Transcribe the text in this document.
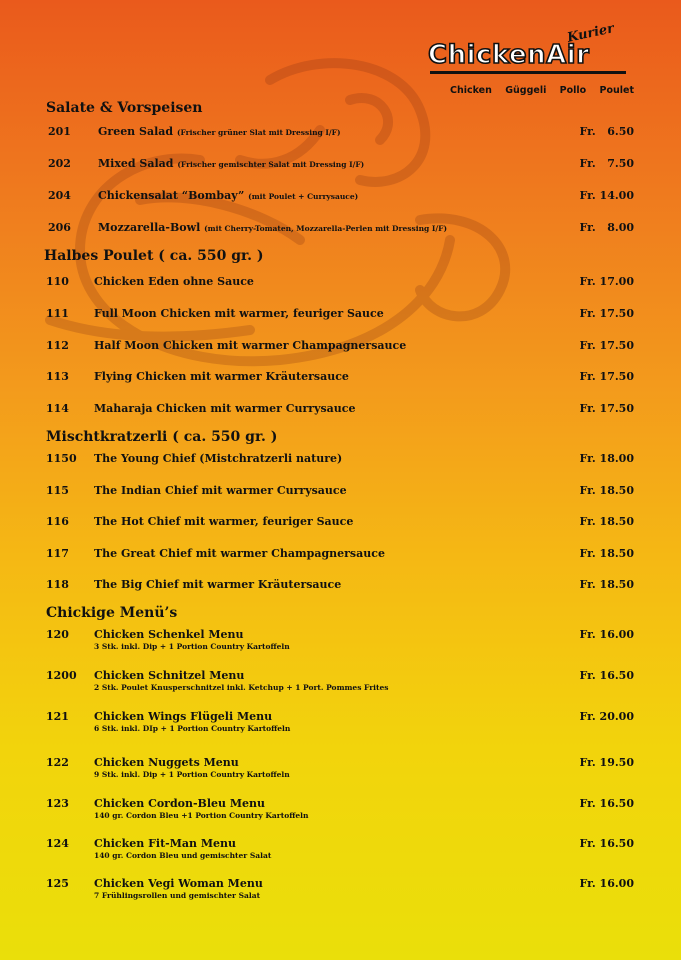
Kurier
ChickenAir
Chicken Güggeli Pollo Poulet
Salate & Vorspeisen
Halbes Poulet ( ca. 550 gr. )
Mischtkratzerli ( ca. 550 gr. )
Chickige Menü’s
201 Green Salad (Frischer grüner Slat mit Dressing I/F)	Fr.   6.50
202 Mixed Salad (Frischer gemischter Salat mit Dressing I/F)	Fr.   7.50
204 Chickensalat “Bombay” (mit Poulet + Currysauce)	Fr. 14.00
206 Mozzarella-Bowl (mit Cherry-Tomaten, Mozzarella-Perlen mit Dressing I/F)	Fr.   8.00
110 Chicken Eden ohne Sauce	Fr. 17.00
111 Full Moon Chicken mit warmer, feuriger Sauce	Fr. 17.50
112 Half Moon Chicken mit warmer Champagnersauce	Fr. 17.50
113 Flying Chicken mit warmer Kräutersauce	Fr. 17.50
114 Maharaja Chicken mit warmer Currysauce	Fr. 17.50
1150 The Young Chief (Mistchratzerli nature)	Fr. 18.00
115 The Indian Chief mit warmer Currysauce	Fr. 18.50
116 The Hot Chief mit warmer, feuriger Sauce	Fr. 18.50
117 The Great Chief mit warmer Champagnersauce	Fr. 18.50
118 The Big Chief mit warmer Kräutersauce	Fr. 18.50
120 Chicken Schenkel Menu
3 Stk. inkl. Dip + 1 Portion Country Kartoffeln
Fr. 16.00
1200 Chicken Schnitzel Menu
2 Stk. Poulet Knusperschnitzel inkl. Ketchup + 1 Port. Pommes Frites
Fr. 16.50
121 Chicken Wings Flügeli Menu
6 Stk. inkl. DIp + 1 Portion Country Kartoffeln
Fr. 20.00
122 Chicken Nuggets Menu
9 Stk. inkl. Dip + 1 Portion Country Kartoffeln
Fr. 19.50
123 Chicken Cordon-Bleu Menu
140 gr. Cordon Bleu +1 Portion Country Kartoffeln
Fr. 16.50
124 Chicken Fit-Man Menu
140 gr. Cordon Bleu und gemischter Salat
Fr. 16.50
125 Chicken Vegi Woman Menu
7 Frühlingsrollen und gemischter Salat
Fr. 16.00
